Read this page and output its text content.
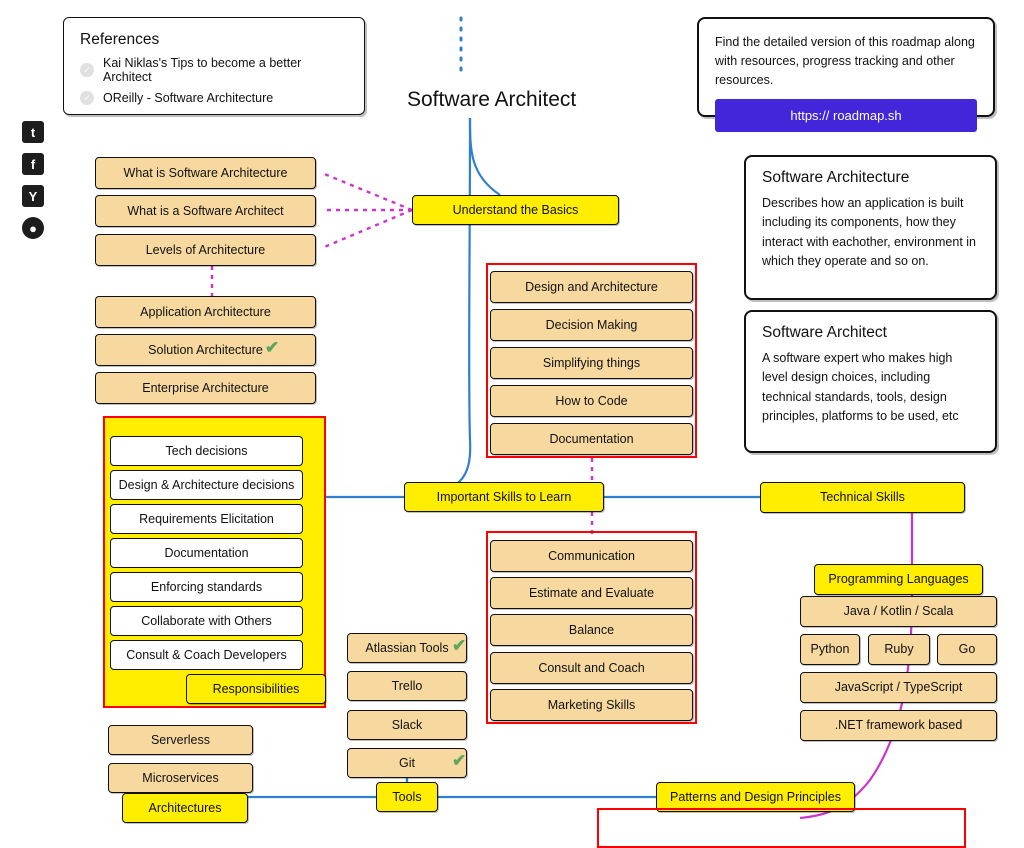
Software Architect
References
✓ Kai Niklas's Tips to become a better Architect
✓ OReilly - Software Architecture

Find the detailed version of this roadmap along with resources, progress tracking and other resources.

https:// roadmap.sh
Software Architecture

Describes how an application is built including its components, how they interact with eachother, environment in which they operate and so on.

Software Architect

A software expert who makes high level design choices, including technical standards, tools, design principles, platforms to be used, etc

t
f
Y
●
Understand the Basics
What is Software Architecture
What is a Software Architect
Levels of Architecture
Application Architecture
Solution Architecture ✔
Enterprise Architecture
Tech decisions
Design & Architecture decisions
Requirements Elicitation
Documentation
Enforcing standards
Collaborate with Others
Consult & Coach Developers
Responsibilities
Important Skills to Learn
Design and Architecture
Decision Making
Simplifying things
How to Code
Documentation
Communication
Estimate and Evaluate
Balance
Consult and Coach
Marketing Skills
Technical Skills
Programming Languages
Java / Kotlin / Scala
Python	Ruby	Go
JavaScript / TypeScript
.NET framework based
Atlassian Tools ✔
Trello
Slack
Git	✔
Tools
Serverless
Microservices
Architectures
Patterns and Design Principles
